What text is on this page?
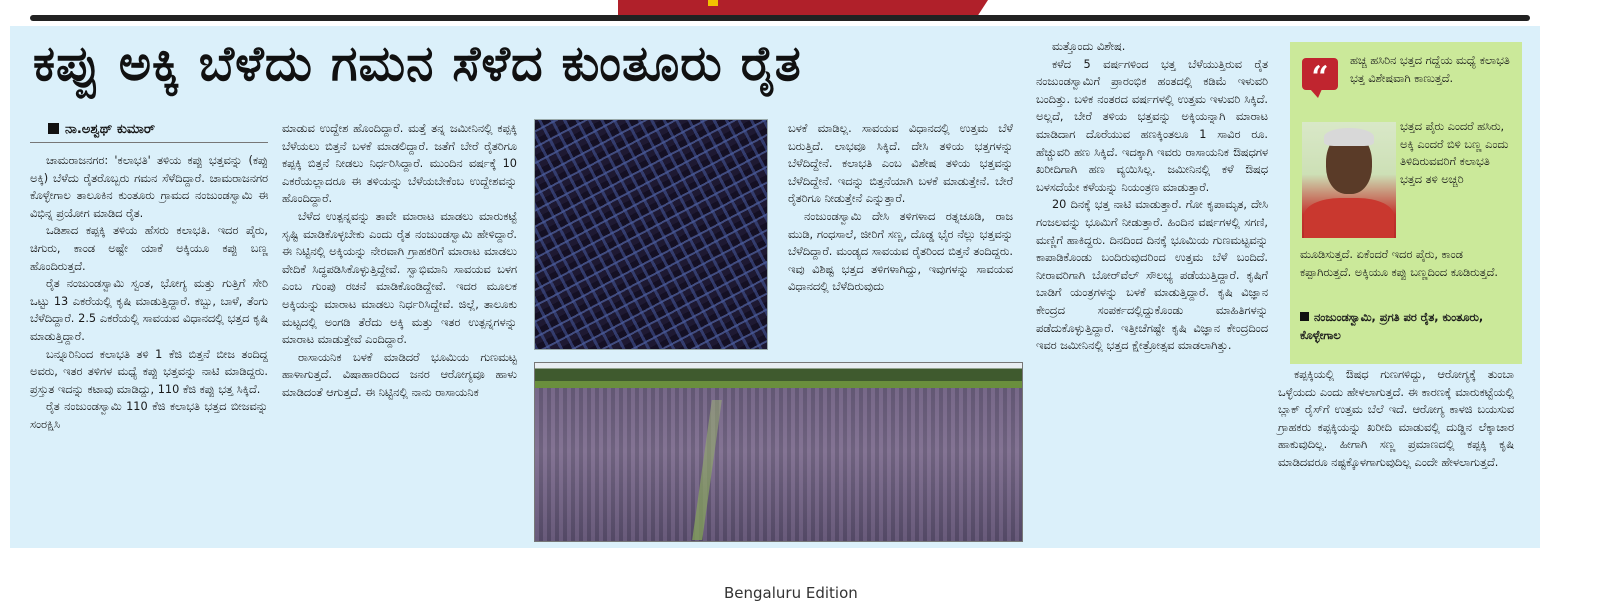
ಕಪ್ಪು ಅಕ್ಕಿ ಬೆಳೆದು ಗಮನ ಸೆಳೆದ ಕುಂತೂರು ರೈತ
ನಾ.ಅಶ್ವಥ್ ಕುಮಾರ್

ಚಾಮರಾಜನಗರ: 'ಕಲಾಭತಿ' ತಳಿಯ ಕಪ್ಪು ಭತ್ತವನ್ನು (ಕಪ್ಪು ಅಕ್ಕಿ) ಬೆಳೆದು ರೈತರೊಬ್ಬರು ಗಮನ ಸೆಳೆದಿದ್ದಾರೆ. ಚಾಮರಾಜನಗರ ಕೊಳ್ಳೇಗಾಲ ತಾಲೂಕಿನ ಕುಂತೂರು ಗ್ರಾಮದ ನಂಜುಂಡಸ್ವಾಮಿ ಈ ವಿಭಿನ್ನ ಪ್ರಯೋಗ ಮಾಡಿದ ರೈತ.

ಒಡಿಶಾದ ಕಪ್ಪಕ್ಕಿ ತಳಿಯ ಹೆಸರು ಕಲಾಭತಿ. ಇದರ ಪೈರು, ಚಿಗುರು, ಕಾಂಡ ಅಷ್ಟೇ ಯಾಕೆ ಅಕ್ಕಿಯೂ ಕಪ್ಪು ಬಣ್ಣ ಹೊಂದಿರುತ್ತದೆ.

ರೈತ ನಂಜುಂಡಸ್ವಾಮಿ ಸ್ವಂತ, ಭೋಗ್ಯ ಮತ್ತು ಗುತ್ತಿಗೆ ಸೇರಿ ಒಟ್ಟು 13 ಎಕರೆಯಲ್ಲಿ ಕೃಷಿ ಮಾಡುತ್ತಿದ್ದಾರೆ. ಕಬ್ಬು, ಬಾಳೆ, ತೆಂಗು ಬೆಳೆದಿದ್ದಾರೆ. 2.5 ಎಕರೆಯಲ್ಲಿ ಸಾವಯವ ವಿಧಾನದಲ್ಲಿ ಭತ್ತದ ಕೃಷಿ ಮಾಡುತ್ತಿದ್ದಾರೆ.

ಬನ್ನೂರಿನಿಂದ ಕಲಾಭತಿ ತಳಿ 1 ಕೆಜಿ ಬಿತ್ತನೆ ಬೀಜ ತಂದಿದ್ದ ಅವರು, ಇತರ ತಳಿಗಳ ಮಧ್ಯೆ ಕಪ್ಪು ಭತ್ತವನ್ನು ನಾಟಿ ಮಾಡಿದ್ದರು. ಪ್ರಸ್ತುತ ಇದನ್ನು ಕಟಾವು ಮಾಡಿದ್ದು, 110 ಕೆಜಿ ಕಪ್ಪು ಭತ್ತ ಸಿಕ್ಕಿದೆ.

ರೈತ ನಂಜುಂಡಸ್ವಾಮಿ 110 ಕೆಜಿ ಕಲಾಭತಿ ಭತ್ತದ ಬೀಜವನ್ನು ಸಂರಕ್ಷಿಸಿ

ಮಾಡುವ ಉದ್ದೇಶ ಹೊಂದಿದ್ದಾರೆ. ಮತ್ತೆ ತನ್ನ ಜಮೀನಿನಲ್ಲಿ ಕಪ್ಪಕ್ಕಿ ಬೆಳೆಯಲು ಬಿತ್ತನೆ ಬಳಕೆ ಮಾಡಲಿದ್ದಾರೆ. ಜತೆಗೆ ಬೇರೆ ರೈತರಿಗೂ ಕಪ್ಪಕ್ಕಿ ಬಿತ್ತನೆ ನೀಡಲು ನಿರ್ಧರಿಸಿದ್ದಾರೆ. ಮುಂದಿನ ವರ್ಷಕ್ಕೆ 10 ಎಕರೆಯಲ್ಲಾದರೂ ಈ ತಳಿಯನ್ನು ಬೆಳೆಯಬೇಕೆಂಬ ಉದ್ದೇಶವನ್ನು ಹೊಂದಿದ್ದಾರೆ.

ಬೆಳೆದ ಉತ್ಪನ್ನವನ್ನು ತಾವೇ ಮಾರಾಟ ಮಾಡಲು ಮಾರುಕಟ್ಟೆ ಸೃಷ್ಟಿ ಮಾಡಿಕೊಳ್ಳಬೇಕು ಎಂದು ರೈತ ನಂಜುಂಡಸ್ವಾಮಿ ಹೇಳಿದ್ದಾರೆ. ಈ ನಿಟ್ಟಿನಲ್ಲಿ ಅಕ್ಕಿಯನ್ನು ನೇರವಾಗಿ ಗ್ರಾಹಕರಿಗೆ ಮಾರಾಟ ಮಾಡಲು ವೇದಿಕೆ ಸಿದ್ಧಪಡಿಸಿಕೊಳ್ಳುತ್ತಿದ್ದೇವೆ. ಸ್ವಾಭಿಮಾನಿ ಸಾವಯವ ಬಳಗ ಎಂಬ ಗುಂಪು ರಚನೆ ಮಾಡಿಕೊಂಡಿದ್ದೇವೆ. ಇದರ ಮೂಲಕ ಅಕ್ಕಿಯನ್ನು ಮಾರಾಟ ಮಾಡಲು ನಿರ್ಧರಿಸಿದ್ದೇವೆ. ಜಿಲ್ಲೆ, ತಾಲೂಕು ಮಟ್ಟದಲ್ಲಿ ಅಂಗಡಿ ತೆರೆದು ಅಕ್ಕಿ ಮತ್ತು ಇತರ ಉತ್ಪನ್ನಗಳನ್ನು ಮಾರಾಟ ಮಾಡುತ್ತೇವೆ ಎಂದಿದ್ದಾರೆ.

ರಾಸಾಯನಿಕ ಬಳಕೆ ಮಾಡಿದರೆ ಭೂಮಿಯ ಗುಣಮಟ್ಟ ಹಾಳಾಗುತ್ತದೆ. ವಿಷಾಹಾರದಿಂದ ಜನರ ಆರೋಗ್ಯವೂ ಹಾಳು ಮಾಡಿದಂತೆ ಆಗುತ್ತದೆ. ಈ ನಿಟ್ಟಿನಲ್ಲಿ ನಾನು ರಾಸಾಯನಿಕ

ಬಳಕೆ ಮಾಡಿಲ್ಲ. ಸಾವಯವ ವಿಧಾನದಲ್ಲಿ ಉತ್ತಮ ಬೆಳೆ ಬರುತ್ತಿದೆ. ಲಾಭವೂ ಸಿಕ್ಕಿದೆ. ದೇಸಿ ತಳಿಯ ಭತ್ತಗಳನ್ನು ಬೆಳೆದಿದ್ದೇನೆ. ಕಲಾಭತಿ ಎಂಬ ವಿಶೇಷ ತಳಿಯ ಭತ್ತವನ್ನು ಬೆಳೆದಿದ್ದೇನೆ. ಇದನ್ನು ಬಿತ್ತನೆಯಾಗಿ ಬಳಕೆ ಮಾಡುತ್ತೇನೆ. ಬೇರೆ ರೈತರಿಗೂ ನೀಡುತ್ತೇನೆ ಎನ್ನುತ್ತಾರೆ.

ನಂಜುಂಡಸ್ವಾಮಿ ದೇಸಿ ತಳಿಗಳಾದ ರತ್ನಚೂಡಿ, ರಾಜ ಮುಡಿ, ಗಂಧಸಾಲೆ, ಜೀರಿಗೆ ಸಣ್ಣ, ದೊಡ್ಡ ಭೈರ ನೆಲ್ಲು ಭತ್ತವನ್ನು ಬೆಳೆದಿದ್ದಾರೆ. ಮಂಡ್ಯದ ಸಾವಯವ ರೈತರಿಂದ ಬಿತ್ತನೆ ತಂದಿದ್ದರು. ಇವು ವಿಶಿಷ್ಟ ಭತ್ತದ ತಳಿಗಳಾಗಿದ್ದು, ಇವುಗಳನ್ನು ಸಾವಯವ ವಿಧಾನದಲ್ಲಿ ಬೆಳೆದಿರುವುದು

ಮತ್ತೊಂದು ವಿಶೇಷ.

ಕಳೆದ 5 ವರ್ಷಗಳಿಂದ ಭತ್ತ ಬೆಳೆಯುತ್ತಿರುವ ರೈತ ನಂಜುಂಡಸ್ವಾಮಿಗೆ ಪ್ರಾರಂಭಿಕ ಹಂತದಲ್ಲಿ ಕಡಿಮೆ ಇಳುವರಿ ಬಂದಿತ್ತು. ಬಳಿಕ ನಂತರದ ವರ್ಷಗಳಲ್ಲಿ ಉತ್ತಮ ಇಳುವರಿ ಸಿಕ್ಕಿದೆ. ಅಲ್ಲದೆ, ಬೇರೆ ತಳಿಯ ಭತ್ತವನ್ನು ಅಕ್ಕಿಯನ್ನಾಗಿ ಮಾರಾಟ ಮಾಡಿದಾಗ ದೊರೆಯುವ ಹಣಕ್ಕಿಂತಲೂ 1 ಸಾವಿರ ರೂ. ಹೆಚ್ಚುವರಿ ಹಣ ಸಿಕ್ಕಿದೆ. ಇದಕ್ಕಾಗಿ ಇವರು ರಾಸಾಯನಿಕ ಔಷಧಗಳ ಖರೀದಿಗಾಗಿ ಹಣ ವ್ಯಯಿಸಿಲ್ಲ. ಜಮೀನಿನಲ್ಲಿ ಕಳೆ ಔಷಧ ಬಳಸದೆಯೇ ಕಳೆಯನ್ನು ನಿಯಂತ್ರಣ ಮಾಡುತ್ತಾರೆ.

20 ದಿನಕ್ಕೆ ಭತ್ತ ನಾಟಿ ಮಾಡುತ್ತಾರೆ. ಗೋ ಕೃಪಾಮೃತ, ದೇಸಿ ಗಂಜಲವನ್ನು ಭೂಮಿಗೆ ನೀಡುತ್ತಾರೆ. ಹಿಂದಿನ ವರ್ಷಗಳಲ್ಲಿ ಸಗಣಿ, ಮಣ್ಣಿಗೆ ಹಾಕಿದ್ದರು. ದಿನದಿಂದ ದಿನಕ್ಕೆ ಭೂಮಿಯ ಗುಣಮಟ್ಟವನ್ನು ಕಾಪಾಡಿಕೊಂಡು ಬಂದಿರುವುದರಿಂದ ಉತ್ತಮ ಬೆಳೆ ಬಂದಿದೆ. ನೀರಾವರಿಗಾಗಿ ಬೋರ್‌ವೆಲ್ ಸೌಲಭ್ಯ ಪಡೆಯುತ್ತಿದ್ದಾರೆ. ಕೃಷಿಗೆ ಬಾಡಿಗೆ ಯಂತ್ರಗಳನ್ನು ಬಳಕೆ ಮಾಡುತ್ತಿದ್ದಾರೆ. ಕೃಷಿ ವಿಜ್ಞಾನ ಕೇಂದ್ರದ ಸಂಪರ್ಕದಲ್ಲಿದ್ದುಕೊಂಡು ಮಾಹಿತಿಗಳನ್ನು ಪಡೆದುಕೊಳ್ಳುತ್ತಿದ್ದಾರೆ. ಇತ್ತೀಚೆಗಷ್ಟೇ ಕೃಷಿ ವಿಜ್ಞಾನ ಕೇಂದ್ರದಿಂದ ಇವರ ಜಮೀನಿನಲ್ಲಿ ಭತ್ತದ ಕ್ಷೇತ್ರೋತ್ಸವ ಮಾಡಲಾಗಿತ್ತು.

“	ಹಚ್ಚ ಹಸಿರಿನ ಭತ್ತದ ಗದ್ದೆಯ ಮಧ್ಯೆ ಕಲಾಭತಿ ಭತ್ತ ವಿಶೇಷವಾಗಿ ಕಾಣುತ್ತದೆ.
ಭತ್ತದ ಪೈರು ಎಂದರೆ ಹಸಿರು, ಅಕ್ಕಿ ಎಂದರೆ ಬಿಳಿ ಬಣ್ಣ ಎಂದು ತಿಳಿದಿರುವವರಿಗೆ ಕಲಾಭತಿ ಭತ್ತದ ತಳಿ ಅಚ್ಚರಿ
ಮೂಡಿಸುತ್ತದೆ. ಏಕೆಂದರೆ ಇದರ ಪೈರು, ಕಾಂಡ ಕಪ್ಪಾಗಿರುತ್ತದೆ. ಅಕ್ಕಿಯೂ ಕಪ್ಪು ಬಣ್ಣದಿಂದ ಕೂಡಿರುತ್ತದೆ.
ನಂಜುಂಡಸ್ವಾಮಿ, ಪ್ರಗತಿ ಪರ ರೈತ, ಕುಂತೂರು, ಕೊಳ್ಳೇಗಾಲ

ಕಪ್ಪಕ್ಕಿಯಲ್ಲಿ ಔಷಧ ಗುಣಗಳಿದ್ದು, ಆರೋಗ್ಯಕ್ಕೆ ತುಂಬಾ ಒಳ್ಳೆಯದು ಎಂದು ಹೇಳಲಾಗುತ್ತದೆ. ಈ ಕಾರಣಕ್ಕೆ ಮಾರುಕಟ್ಟೆಯಲ್ಲಿ ಬ್ಲಾಕ್ ರೈಸ್‌ಗೆ ಉತ್ತಮ ಬೆಲೆ ಇದೆ. ಆರೋಗ್ಯ ಕಾಳಜಿ ಬಯಸುವ ಗ್ರಾಹಕರು ಕಪ್ಪಕ್ಕಿಯನ್ನು ಖರೀದಿ ಮಾಡುವಲ್ಲಿ ದುಡ್ಡಿನ ಲೆಕ್ಕಾಚಾರ ಹಾಕುವುದಿಲ್ಲ. ಹೀಗಾಗಿ ಸಣ್ಣ ಪ್ರಮಾಣದಲ್ಲಿ ಕಪ್ಪಕ್ಕಿ ಕೃಷಿ ಮಾಡಿದವರೂ ನಷ್ಟಕ್ಕೊಳಗಾಗುವುದಿಲ್ಲ ಎಂದೇ ಹೇಳಲಾಗುತ್ತದೆ.

Bengaluru Edition
